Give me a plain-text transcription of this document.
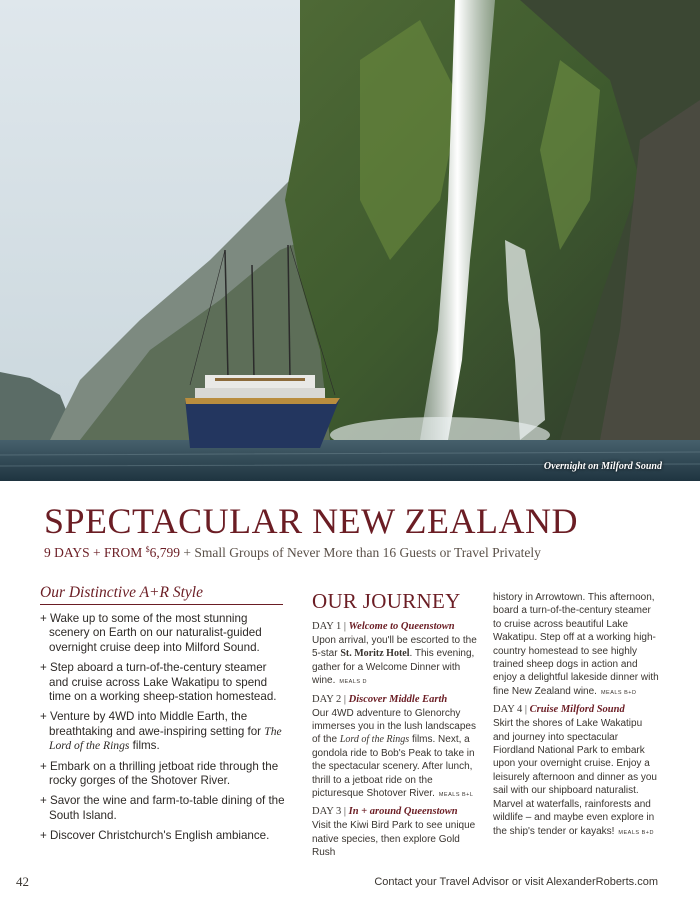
Overnight on Milford Sound
SPECTACULAR NEW ZEALAND
9 DAYS + FROM $6,799 + Small Groups of Never More than 16 Guests or Travel Privately
Our Distinctive A+R Style
+ Wake up to some of the most stunning scenery on Earth on our naturalist-guided overnight cruise deep into Milford Sound.
+ Step aboard a turn-of-the-century steamer and cruise across Lake Wakatipu to spend time on a working sheep-station homestead.
+ Venture by 4WD into Middle Earth, the breathtaking and awe-inspiring setting for The Lord of the Rings films.
+ Embark on a thrilling jetboat ride through the rocky gorges of the Shotover River.
+ Savor the wine and farm-to-table dining of the South Island.
+ Discover Christchurch's English ambiance.
OUR JOURNEY
DAY 1 | Welcome to Queenstown

Upon arrival, you'll be escorted to the 5-star St. Moritz Hotel. This evening, gather for a Welcome Dinner with wine. MEALS D

DAY 2 | Discover Middle Earth

Our 4WD adventure to Glenorchy immerses you in the lush landscapes of the Lord of the Rings films. Next, a gondola ride to Bob's Peak to take in the spectacular scenery. After lunch, thrill to a jetboat ride on the picturesque Shotover River. MEALS B+L

DAY 3 | In + around Queenstown

Visit the Kiwi Bird Park to see unique native species, then explore Gold Rush

history in Arrowtown. This afternoon, board a turn-of-the-century steamer to cruise across beautiful Lake Wakatipu. Step off at a working high-country homestead to see highly trained sheep dogs in action and enjoy a delightful lakeside dinner with fine New Zealand wine. MEALS B+D

DAY 4 | Cruise Milford Sound

Skirt the shores of Lake Wakatipu and journey into spectacular Fiordland National Park to embark upon your overnight cruise. Enjoy a leisurely afternoon and dinner as you sail with our shipboard naturalist. Marvel at waterfalls, rainforests and wildlife – and maybe even explore in the ship's tender or kayaks! MEALS B+D

42	Contact your Travel Advisor or visit AlexanderRoberts.com
